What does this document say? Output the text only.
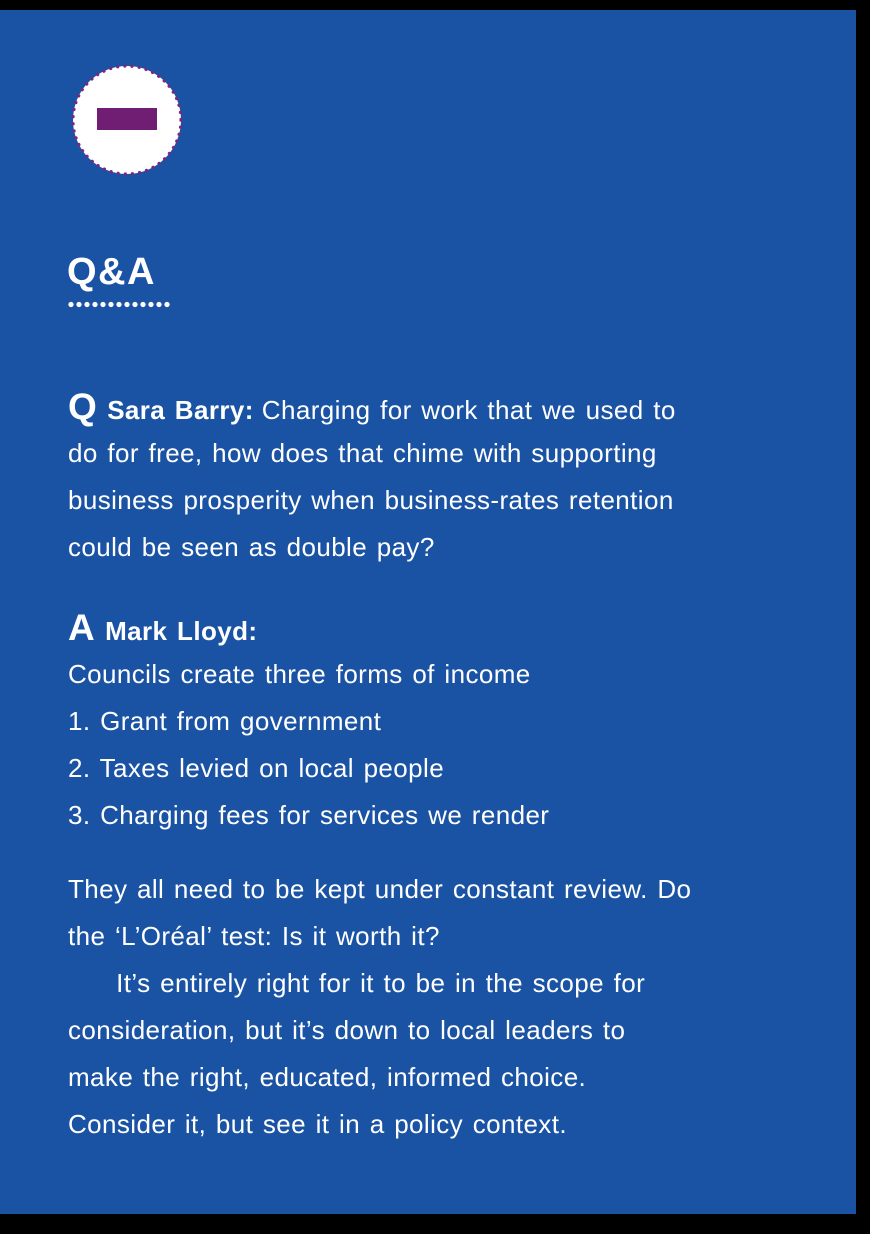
Q&A
Q Sara Barry: Charging for work that we used to
do for free, how does that chime with supporting
business prosperity when business-rates retention
could be seen as double pay?
A Mark Lloyd:
Councils create three forms of income
1. Grant from government
2. Taxes levied on local people
3. Charging fees for services we render
They all need to be kept under constant review. Do
the ‘L’Oréal’ test: Is it worth it?
It’s entirely right for it to be in the scope for
consideration, but it’s down to local leaders to
make the right, educated, informed choice.
Consider it, but see it in a policy context.
